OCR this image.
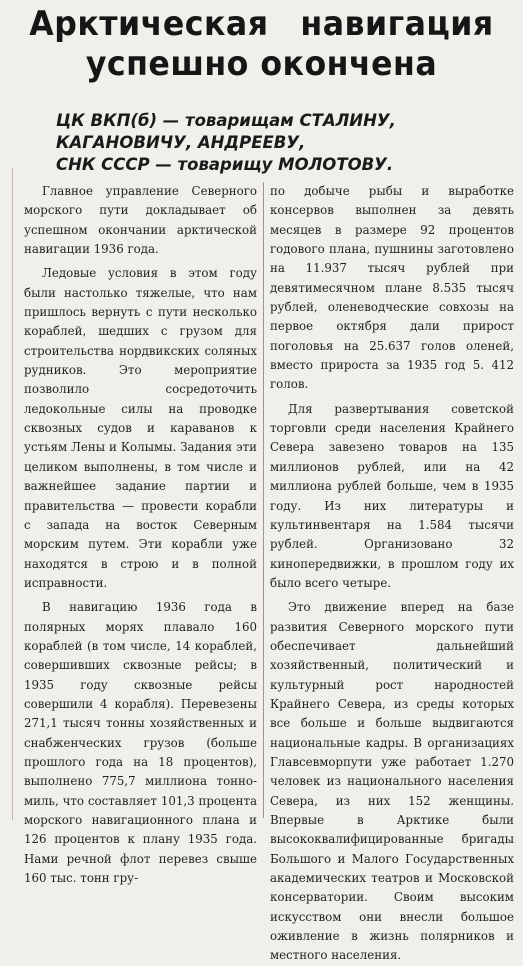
Арктическая навигация
успешно окончена
ЦК ВКП(б) — товарищам СТАЛИНУ,
КАГАНОВИЧУ, АНДРЕЕВУ,
СНК СССР — товарищу МОЛОТОВУ.

Главное управление Северного морского пути докладывает об успешном окончании арктической навигации 1936 года.

Ледовые условия в этом году были настолько тяжелые, что нам пришлось вернуть с пути несколько кораблей, шедших с грузом для строительства нордвикских соляных рудников. Это мероприятие позволило сосредоточить ледокольные силы на проводке сквозных судов и караванов к устьям Лены и Колымы. Задания эти целиком выполнены, в том числе и важнейшее задание партии и правительства — провести корабли с запада на восток Северным морским путем. Эти корабли уже находятся в строю и в полной исправности.

В навигацию 1936 года в полярных морях плавало 160 кораблей (в том числе, 14 кораблей, совершивших сквозные рейсы; в 1935 году сквозные рейсы совершили 4 корабля). Перевезены 271,1 тысяч тонны хозяйственных и снабженческих грузов (больше прошлого года на 18 процентов), выполнено 775,7 миллиона тонно-миль, что составляет 101,3 процента морского навигационного плана и 126 процентов к плану 1935 года. Нами речной флот перевез свыше 160 тыс. тонн гру-

по добыче рыбы и выработке консервов выполнен за девять месяцев в размере 92 процентов годового плана, пушнины заготовлено на 11.937 тысяч рублей при девятимесячном плане 8.535 тысяч рублей, оленеводческие совхозы на первое октября дали прирост поголовья на 25.637 голов оленей, вместо прироста за 1935 год 5. 412 голов.

Для развертывания советской торговли среди населения Крайнего Севера завезено товаров на 135 миллионов рублей, или на 42 миллиона рублей больше, чем в 1935 году. Из них литературы и культинвентаря на 1.584 тысячи рублей. Организовано 32 кинопередвижки, в прошлом году их было всего четыре.

Это движение вперед на базе развития Северного морского пути обеспечивает дальнейший хозяйственный, политический и культурный рост народностей Крайнего Севера, из среды которых все больше и больше выдвигаются национальные кадры. В организациях Главсевморпути уже работает 1.270 человек из национального населения Севера, из них 152 женщины. Впервые в Арктике были высококвалифицированные бригады Большого и Малого Государственных академических театров и Московской консерватории. Своим высоким искусством они внесли большое оживление в жизнь полярников и местного населения.
